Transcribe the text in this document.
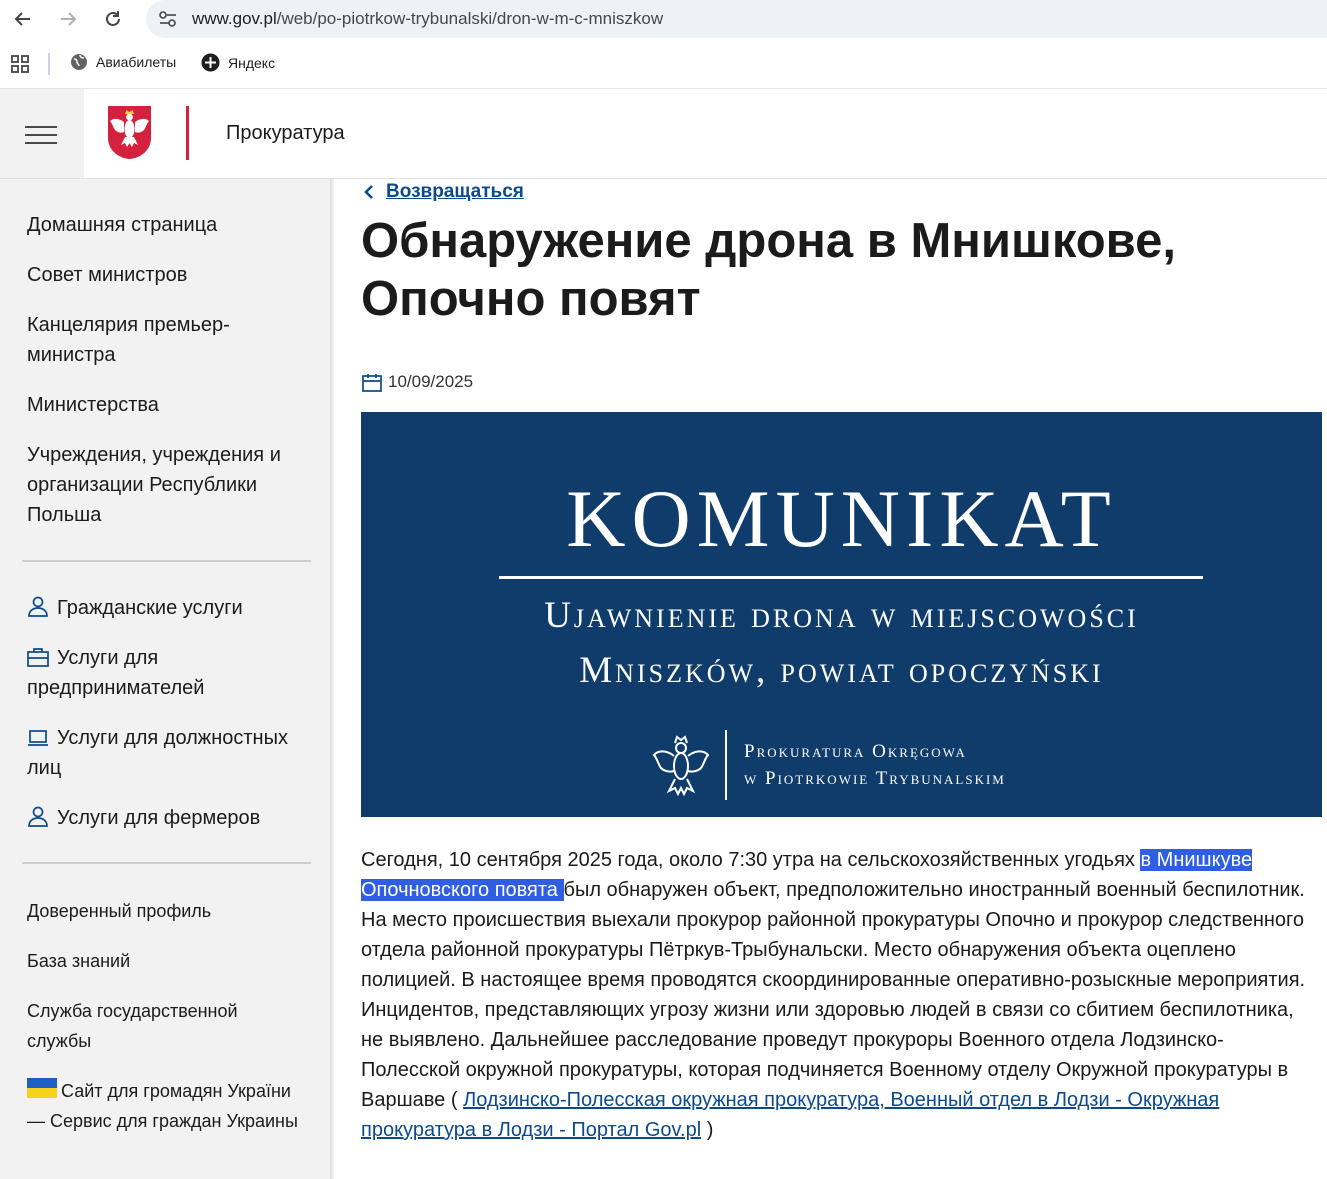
www.gov.pl/web/po-piotrkow-trybunalski/dron-w-m-c-mniszkow
Авиабилеты	Яндекс
Прокуратура
Домашняя страница
Совет министров
Канцелярия премьер-министра
Министерства
Учреждения, учреждения и организации Республики Польша
Гражданские услуги
Услуги для предпринимателей
Услуги для должностных лиц
Услуги для фермеров
Доверенный профиль
База знаний
Служба государственной службы
Сайт для громадян України — Сервис для граждан Украины
Возвращаться
Обнаружение дрона в Мнишкове, Опочно повят
10/09/2025
KOMUNIKAT
Ujawnienie drona w miejscowości
Mniszków, powiat opoczyński
Prokuratura Okręgowa
w Piotrkowie Trybunalskim
Сегодня, 10 сентября 2025 года, около 7:30 утра на сельскохозяйственных угодьях в Мнишкуве Опочновского повята был обнаружен объект, предположительно иностранный военный беспилотник.
На место происшествия выехали прокурор районной прокуратуры Опочно и прокурор следственного отдела районной прокуратуры Пётркув-Трыбунальски. Место обнаружения объекта оцеплено полицией. В настоящее время проводятся скоординированные оперативно-розыскные мероприятия. Инцидентов, представляющих угрозу жизни или здоровью людей в связи со сбитием беспилотника, не выявлено. Дальнейшее расследование проведут прокуроры Военного отдела Лодзинско-Полесской окружной прокуратуры, которая подчиняется Военному отделу Окружной прокуратуры в Варшаве ( Лодзинско-Полесская окружная прокуратура, Военный отдел в Лодзи - Окружная прокуратура в Лодзи - Портал Gov.pl )
